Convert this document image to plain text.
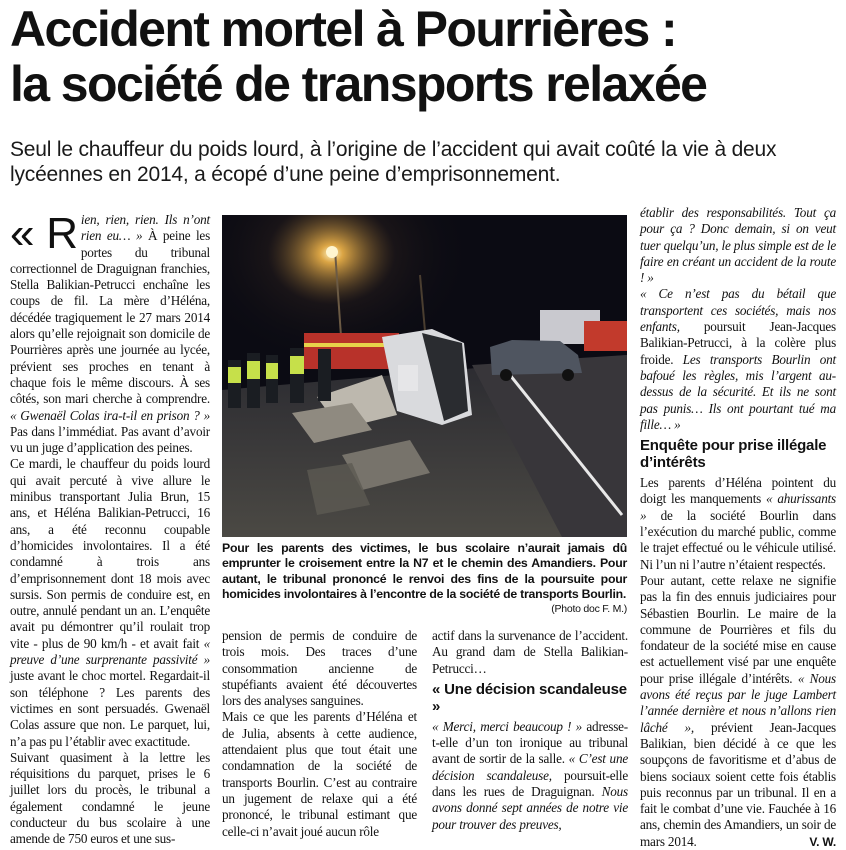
Accident mortel à Pourrières :
la société de transports relaxée

Seul le chauffeur du poids lourd, à l’origine de l’accident qui avait coûté la vie à deux lycéennes en 2014, a écopé d’une peine d’emprisonnement.

« R ien, rien, rien. Ils n’ont rien eu… » À peine les portes du tribunal correctionnel de Draguignan franchies, Stella Balikian-Petrucci enchaîne les coups de fil. La mère d’Héléna, décédée tragiquement le 27 mars 2014 alors qu’elle rejoignait son domicile de Pourrières après une journée au lycée, prévient ses proches en tenant à chaque fois le même discours. À ses côtés, son mari cherche à comprendre. « Gwenaël Colas ira-t-il en prison ? » Pas dans l’immédiat. Pas avant d’avoir vu un juge d’application des peines.

Ce mardi, le chauffeur du poids lourd qui avait percuté à vive allure le minibus transportant Julia Brun, 15 ans, et Héléna Balikian-Petrucci, 16 ans, a été reconnu coupable d’homicides involontaires. Il a été condamné à trois ans d’emprisonnement dont 18 mois avec sursis. Son permis de conduire est, en outre, annulé pendant un an. L’enquête avait pu démontrer qu’il roulait trop vite - plus de 90 km/h - et avait fait « preuve d’une surprenante passivité » juste avant le choc mortel. Regardait-il son téléphone ? Les parents des victimes en sont persuadés. Gwenaël Colas assure que non. Le parquet, lui, n’a pas pu l’établir avec exactitude.

Suivant quasiment à la lettre les réquisitions du parquet, prises le 6 juillet lors du procès, le tribunal a également condamné le jeune conducteur du bus scolaire à une amende de 750 euros et une sus-

Pour les parents des victimes, le bus scolaire n’aurait jamais dû emprunter le croisement entre la N7 et le chemin des Amandiers. Pour autant, le tribunal prononcé le renvoi des fins de la poursuite pour homicides involontaires à l’encontre de la société de transports Bourlin.
(Photo doc F. M.)

pension de permis de conduire de trois mois. Des traces d’une consommation ancienne de stupéfiants avaient été découvertes lors des analyses sanguines.

Mais ce que les parents d’Héléna et de Julia, absents à cette audience, attendaient plus que tout était une condamnation de la société de transports Bourlin. C’est au contraire un jugement de relaxe qui a été prononcé, le tribunal estimant que celle-ci n’avait joué aucun rôle

actif dans la survenance de l’accident. Au grand dam de Stella Balikian-Petrucci…

« Une décision scandaleuse »

« Merci, merci beaucoup ! » adresse-t-elle d’un ton ironique au tribunal avant de sortir de la salle. « C’est une décision scandaleuse, poursuit-elle dans les rues de Draguignan. Nous avons donné sept années de notre vie pour trouver des preuves,

établir des responsabilités. Tout ça pour ça ? Donc demain, si on veut tuer quelqu’un, le plus simple est de le faire en créant un accident de la route ! »

« Ce n’est pas du bétail que transportent ces sociétés, mais nos enfants, poursuit Jean-Jacques Balikian-Petrucci, à la colère plus froide. Les transports Bourlin ont bafoué les règles, mis l’argent au-dessus de la sécurité. Et ils ne sont pas punis… Ils ont pourtant tué ma fille… »

Enquête pour prise illégale d’intérêts

Les parents d’Héléna pointent du doigt les manquements « ahurissants » de la société Bourlin dans l’exécution du marché public, comme le trajet effectué ou le véhicule utilisé. Ni l’un ni l’autre n’étaient respectés.

Pour autant, cette relaxe ne signifie pas la fin des ennuis judiciaires pour Sébastien Bourlin. Le maire de la commune de Pourrières et fils du fondateur de la société mise en cause est actuellement visé par une enquête pour prise illégale d’intérêts. « Nous avons été reçus par le juge Lambert l’année dernière et nous n’allons rien lâché », prévient Jean-Jacques Balikian, bien décidé à ce que les soupçons de favoritisme et d’abus de biens sociaux soient cette fois établis puis reconnus par un tribunal. Il en a fait le combat d’une vie. Fauchée à 16 ans, chemin des Amandiers, un soir de mars 2014.	V. W.
